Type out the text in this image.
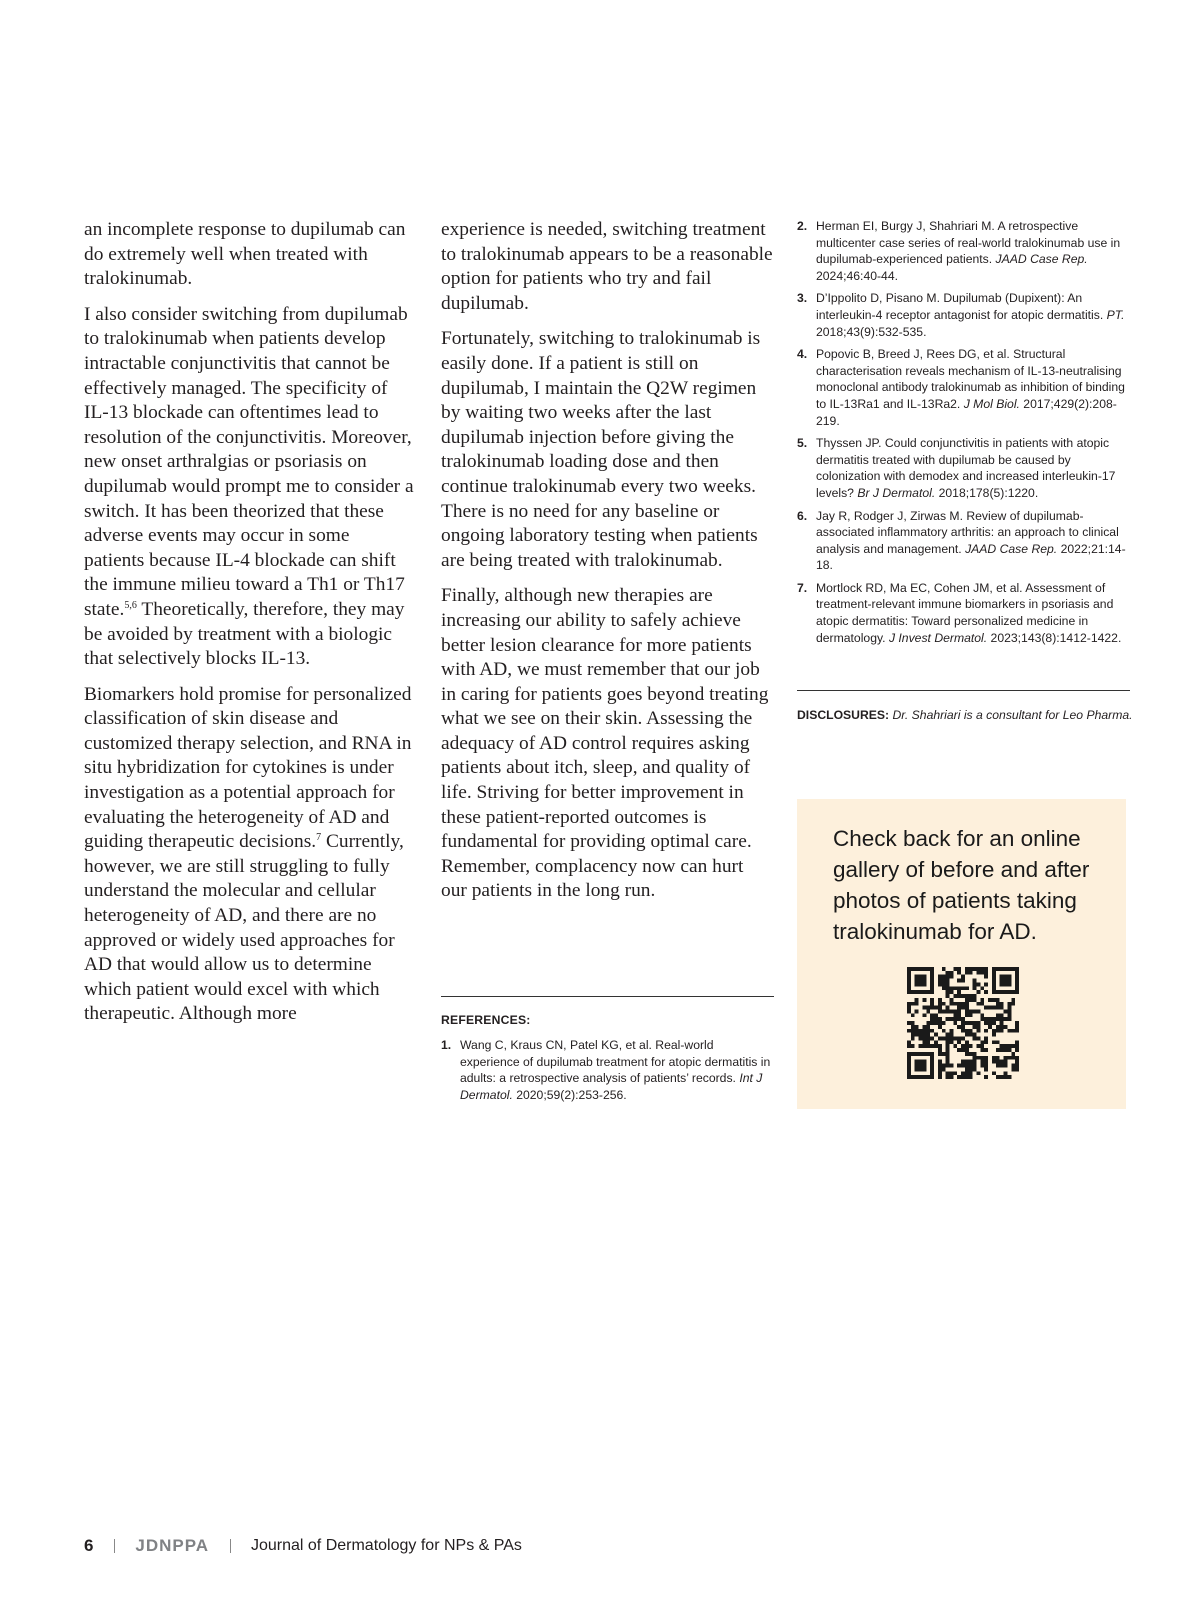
an incomplete response to dupilumab can do extremely well when treated with tralokinumab.

I also consider switching from dupilumab to tralokinumab when patients develop intractable conjunctivitis that cannot be effectively managed. The specificity of IL-13 blockade can oftentimes lead to resolution of the conjunctivitis. Moreover, new onset arthralgias or psoriasis on dupilumab would prompt me to consider a switch. It has been theorized that these adverse events may occur in some patients because IL-4 blockade can shift the immune milieu toward a Th1 or Th17 state.$^{5,6}$ Theoretically, therefore, they may be avoided by treatment with a biologic that selectively blocks IL-13.

Biomarkers hold promise for personalized classification of skin disease and customized therapy selection, and RNA in situ hybridization for cytokines is under investigation as a potential approach for evaluating the heterogeneity of AD and guiding therapeutic decisions.$^7$ Currently, however, we are still struggling to fully understand the molecular and cellular heterogeneity of AD, and there are no approved or widely used approaches for AD that would allow us to determine which patient would excel with which therapeutic. Although more

experience is needed, switching treatment to tralokinumab appears to be a reasonable option for patients who try and fail dupilumab.

Fortunately, switching to tralokinumab is easily done. If a patient is still on dupilumab, I maintain the Q2W regimen by waiting two weeks after the last dupilumab injection before giving the tralokinumab loading dose and then continue tralokinumab every two weeks. There is no need for any baseline or ongoing laboratory testing when patients are being treated with tralokinumab.

Finally, although new therapies are increasing our ability to safely achieve better lesion clearance for more patients with AD, we must remember that our job in caring for patients goes beyond treating what we see on their skin. Assessing the adequacy of AD control requires asking patients about itch, sleep, and quality of life. Striving for better improvement in these patient-reported outcomes is fundamental for providing optimal care. Remember, complacency now can hurt our patients in the long run.

REFERENCES:
1. Wang C, Kraus CN, Patel KG, et al. Real-world experience of dupilumab treatment for atopic dermatitis in adults: a retrospective analysis of patients’ records. Int J Dermatol. 2020;59(2):253-256.
2. Herman EI, Burgy J, Shahriari M. A retrospective multicenter case series of real-world tralokinumab use in dupilumab-experienced patients. JAAD Case Rep. 2024;46:40-44.
3. D’Ippolito D, Pisano M. Dupilumab (Dupixent): An interleukin-4 receptor antagonist for atopic dermatitis. PT. 2018;43(9):532-535.
4. Popovic B, Breed J, Rees DG, et al. Structural characterisation reveals mechanism of IL-13-neutralising monoclonal antibody tralokinumab as inhibition of binding to IL-13Ra1 and IL-13Ra2. J Mol Biol. 2017;429(2):208-219.
5. Thyssen JP. Could conjunctivitis in patients with atopic dermatitis treated with dupilumab be caused by colonization with demodex and increased interleukin-17 levels? Br J Dermatol. 2018;178(5):1220.
6. Jay R, Rodger J, Zirwas M. Review of dupilumab-associated inflammatory arthritis: an approach to clinical analysis and management. JAAD Case Rep. 2022;21:14-18.
7. Mortlock RD, Ma EC, Cohen JM, et al. Assessment of treatment-relevant immune biomarkers in psoriasis and atopic dermatitis: Toward personalized medicine in dermatology. J Invest Dermatol. 2023;143(8):1412-1422.
DISCLOSURES: Dr. Shahriari is a consultant for Leo Pharma.
Check back for an online gallery of before and after photos of patients taking tralokinumab for AD.
6 JDNPPA	Journal of Dermatology for NPs & PAs
